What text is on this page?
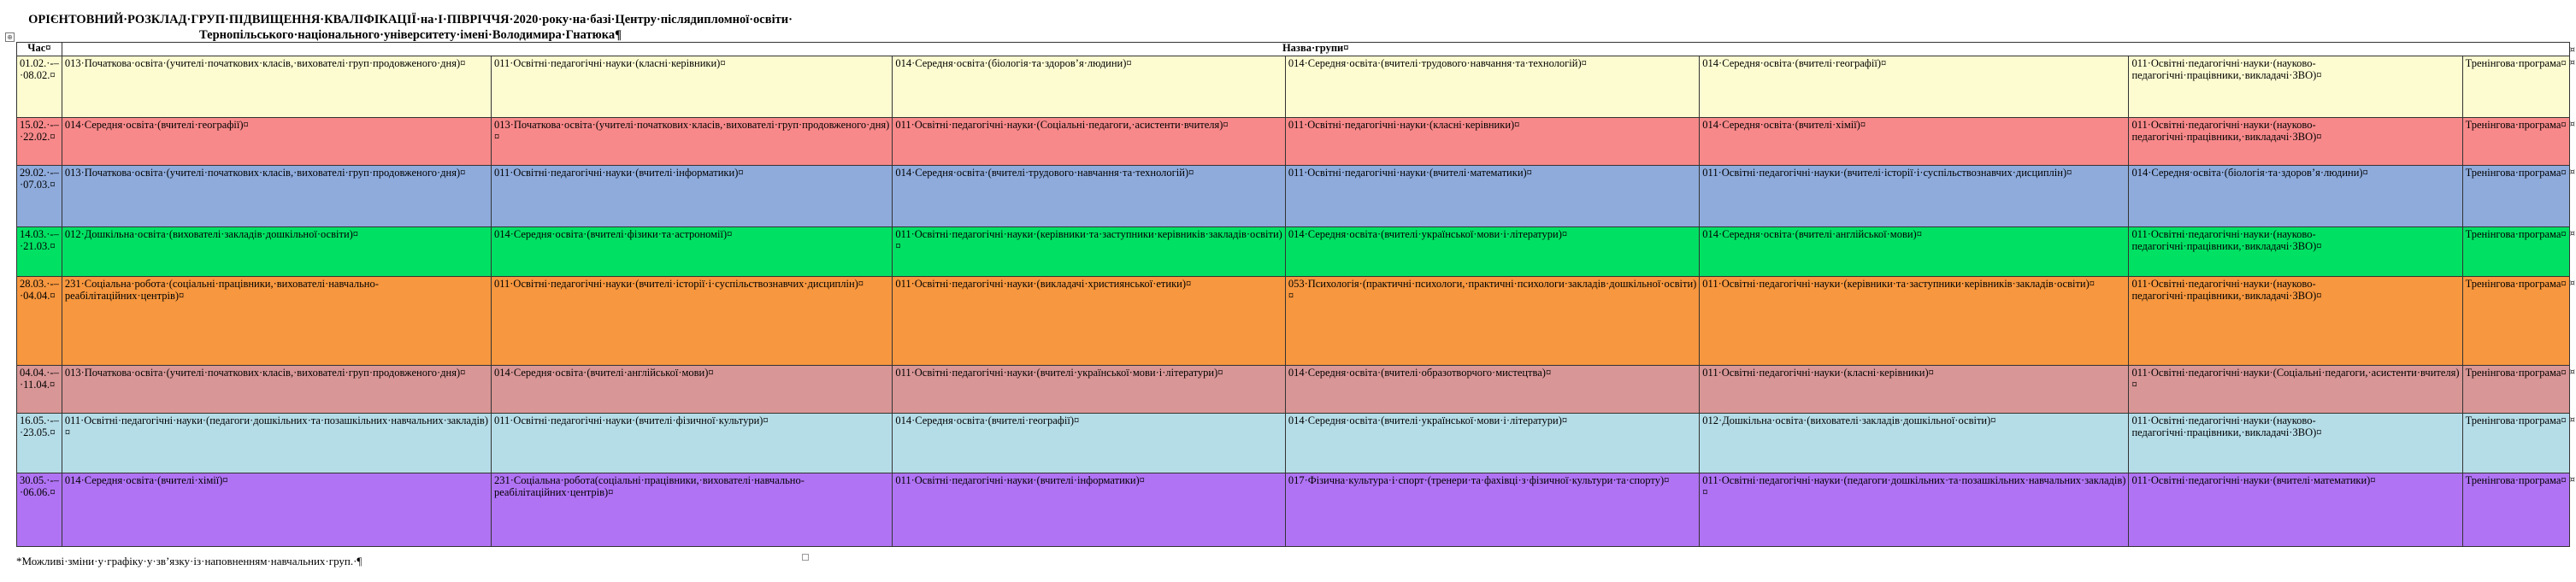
ОРІЄНТОВНИЙ·РОЗКЛАД·ГРУП·ПІДВИЩЕННЯ·КВАЛІФІКАЦІЇ·на·І·ПІВРІЧЧЯ·2020·року·на·базі·Центру·післядипломної·освіти·
Тернопільського·національного·університету·імені·Володимира·Гнатюка¶
⊕
Час¤	Назва·групи¤							¤

01.02.·-–·08.02.¤	013·Початкова·освіта·(учителі·початкових·класів,·вихователі·груп·продовженого·дня)¤	011·Освітні·педагогічні·науки·(класні·керівники)¤	014·Середня·освіта·(біологія·та·здоров’я·людини)¤	014·Середня·освіта·(вчителі·трудового·навчання·та·технологій)¤	014·Середня·освіта·(вчителі·географії)¤	011·Освітні·педагогічні·науки·(науково-педагогічні·працівники,·викладачі·ЗВО)¤	Тренінгова·програма¤	¤

15.02.·-–·22.02.¤	014·Середня·освіта·(вчителі·географії)¤	013·Початкова·освіта·(учителі·початкових·класів,·вихователі·груп·продовженого·дня)¤	011·Освітні·педагогічні·науки·(Соціальні·педагоги,·асистенти·вчителя)¤	011·Освітні·педагогічні·науки·(класні·керівники)¤	014·Середня·освіта·(вчителі·хімії)¤	011·Освітні·педагогічні·науки·(науково-педагогічні·працівники,·викладачі·ЗВО)¤	Тренінгова·програма¤	¤

29.02.·-–·07.03.¤	013·Початкова·освіта·(учителі·початкових·класів,·вихователі·груп·продовженого·дня)¤	011·Освітні·педагогічні·науки·(вчителі·інформатики)¤	014·Середня·освіта·(вчителі·трудового·навчання·та·технологій)¤	011·Освітні·педагогічні·науки·(вчителі·математики)¤	011·Освітні·педагогічні·науки·(вчителі·історії·і·суспільствознавчих·дисциплін)¤	014·Середня·освіта·(біологія·та·здоров’я·людини)¤	Тренінгова·програма¤	¤

14.03.·-–·21.03.¤	012·Дошкільна·освіта·(вихователі·закладів·дошкільної·освіти)¤	014·Середня·освіта·(вчителі·фізики·та·астрономії)¤	011·Освітні·педагогічні·науки·(керівники·та·заступники·керівників·закладів·освіти)¤	014·Середня·освіта·(вчителі·української·мови·і·літератури)¤	014·Середня·освіта·(вчителі·англійської·мови)¤	011·Освітні·педагогічні·науки·(науково-педагогічні·працівники,·викладачі·ЗВО)¤	Тренінгова·програма¤	¤

28.03.·-–·04.04.¤	231·Соціальна·робота·(соціальні·працівники,·вихователі·навчально-реабілітаційних·центрів)¤	011·Освітні·педагогічні·науки·(вчителі·історії·і·суспільствознавчих·дисциплін)¤	011·Освітні·педагогічні·науки·(викладачі·християнської·етики)¤	053·Психологія·(практичні·психологи,·практичні·психологи·закладів·дошкільної·освіти)¤	011·Освітні·педагогічні·науки·(керівники·та·заступники·керівників·закладів·освіти)¤	011·Освітні·педагогічні·науки·(науково-педагогічні·працівники,·викладачі·ЗВО)¤	Тренінгова·програма¤	¤

04.04.·-–·11.04.¤	013·Початкова·освіта·(учителі·початкових·класів,·вихователі·груп·продовженого·дня)¤	014·Середня·освіта·(вчителі·англійської·мови)¤	011·Освітні·педагогічні·науки·(вчителі·української·мови·і·літератури)¤	014·Середня·освіта·(вчителі·образотворчого·мистецтва)¤	011·Освітні·педагогічні·науки·(класні·керівники)¤	011·Освітні·педагогічні·науки·(Соціальні·педагоги,·асистенти·вчителя)¤	Тренінгова·програма¤	¤

16.05.·-–·23.05.¤	011·Освітні·педагогічні·науки·(педагоги·дошкільних·та·позашкільних·навчальних·закладів)¤	011·Освітні·педагогічні·науки·(вчителі·фізичної·культури)¤	014·Середня·освіта·(вчителі·географії)¤	014·Середня·освіта·(вчителі·української·мови·і·літератури)¤	012·Дошкільна·освіта·(вихователі·закладів·дошкільної·освіти)¤	011·Освітні·педагогічні·науки·(науково-педагогічні·працівники,·викладачі·ЗВО)¤	Тренінгова·програма¤	¤

30.05.·-–·06.06.¤	014·Середня·освіта·(вчителі·хімії)¤	231·Соціальна·робота(соціальні·працівники,·вихователі·навчально-реабілітаційних·центрів)¤	011·Освітні·педагогічні·науки·(вчителі·інформатики)¤	017·Фізична·культура·і·спорт·(тренери·та·фахівці·з·фізичної·культури·та·спорту)¤	011·Освітні·педагогічні·науки·(педагоги·дошкільних·та·позашкільних·навчальних·закладів)¤	011·Освітні·педагогічні·науки·(вчителі·математики)¤	Тренінгова·програма¤	¤
*Можливі·зміни·у·графіку·у·зв’язку·із·наповненням·навчальних·груп.·¶
